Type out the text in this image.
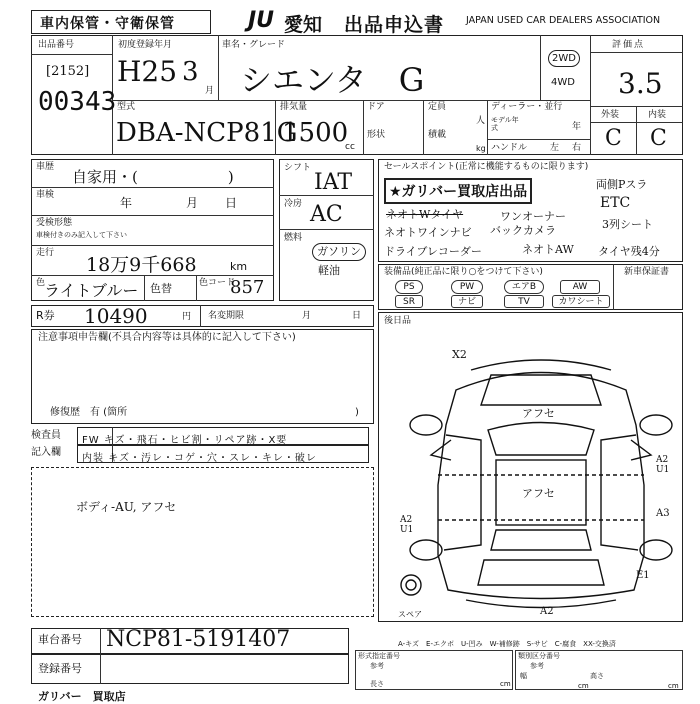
車内保管・守衛保管	JU 愛知 出品申込書 JAPAN USED CAR DEALERS ASSOCIATION
出品番号
[2152]
00343
初度登録年月
H25 3
月
車名・グレード
シエンタ　G
2WD
4WD
評価点
3.5
外装	内装
C C
型式
DBA-NCP81G
排気量
1500
cc
ドア
形状
定員
人
積載
kg
ディーラー・並行
モデル年式	年
ハンドル	左 右
車歴
自家用・(　　　　　　)
車検
年	月 日
受検形態
車検付きのみ記入して下さい
走行
18万9千668	km
色
ライトブルー 色替	色コード
857
シフト
IAT
冷房 AC
燃料
ガソリン
軽油
セールスポイント(正常に機能するものに限ります)
★ガリバー買取店出品	両側Pスラ
ETC
ワンオーナー
3列シート
ネオトワインナビ バックカメラ
ドライブレコーダー	ネオトAW タイヤ残4分
ネオトWタイヤ
装備品(純正品に限り○をつけて下さい)	新車保証書
PS	PW	エアB	AW
SR	ナビ	TV	カワシート
R券 10490	円 名変期限	月	日
注意事項申告欄(不具合内容等は具体的に記入して下さい)
修復歴　有 (箇所	)
後日品
検査員
記入欄
FW キズ・飛石・ヒビ割・リペア跡・X要
内装 キズ・汚レ・コゲ・穴・スレ・キレ・破レ
ボディ-AU, アフセ
X2
アフセ
アフセ
A2 U1
A2 U1
A3
E1
A2
スペア
A-キズ　E-エクボ　U-凹み　W-補修跡　S-サビ　C-腐食　XX-交換済
車台番号 NCP81-5191407
登録番号
形式指定番号
参考
長さ	cm
類別区分番号
参考
幅	高さ
cm	cm
ガリバー　買取店
